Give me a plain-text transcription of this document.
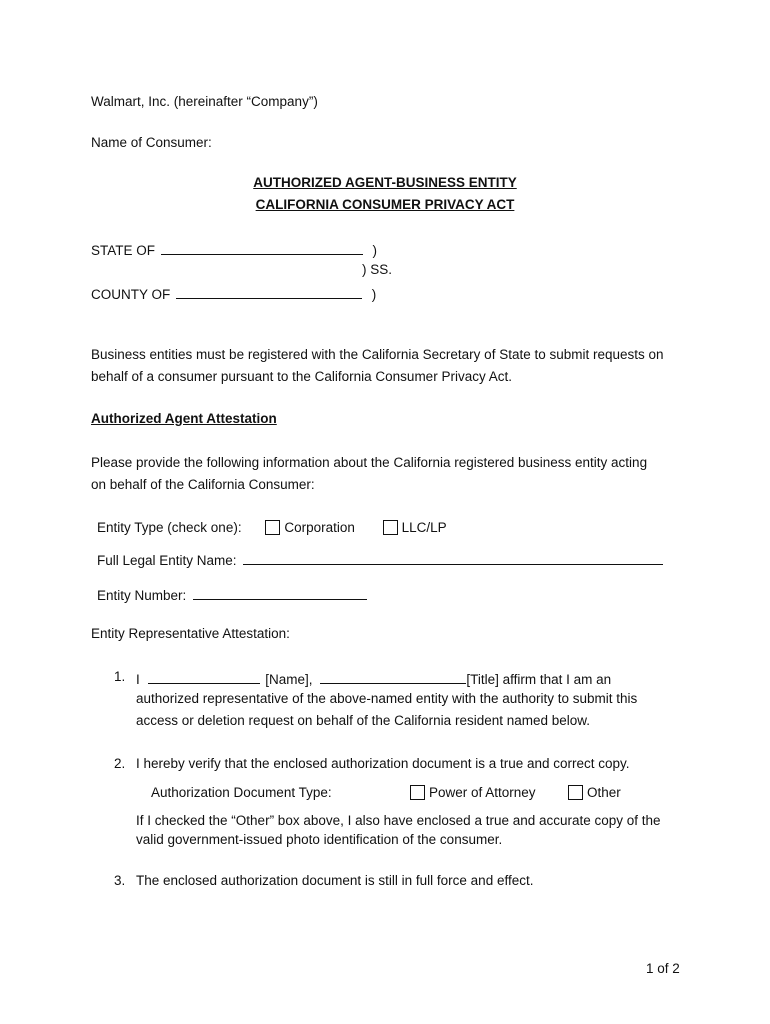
Walmart, Inc. (hereinafter “Company”)
Name of Consumer:
AUTHORIZED AGENT-BUSINESS ENTITY
CALIFORNIA CONSUMER PRIVACY ACT
STATE OF	)
) SS.
COUNTY OF	)
Business entities must be registered with the California Secretary of State to submit requests on
behalf of a consumer pursuant to the California Consumer Privacy Act.
Authorized Agent Attestation
Please provide the following information about the California registered business entity acting
on behalf of the California Consumer:
Entity Type (check one):	Corporation	LLC/LP
Full Legal Entity Name:
Entity Number:
Entity Representative Attestation:
1. I	[Name],	[Title] affirm that I am an
authorized representative of the above-named entity with the authority to submit this
access or deletion request on behalf of the California resident named below.
2. I hereby verify that the enclosed authorization document is a true and correct copy.
Authorization Document Type:	Power of Attorney	Other
If I checked the “Other” box above, I also have enclosed a true and accurate copy of the
valid government-issued photo identification of the consumer.
3. The enclosed authorization document is still in full force and effect.
1 of 2
